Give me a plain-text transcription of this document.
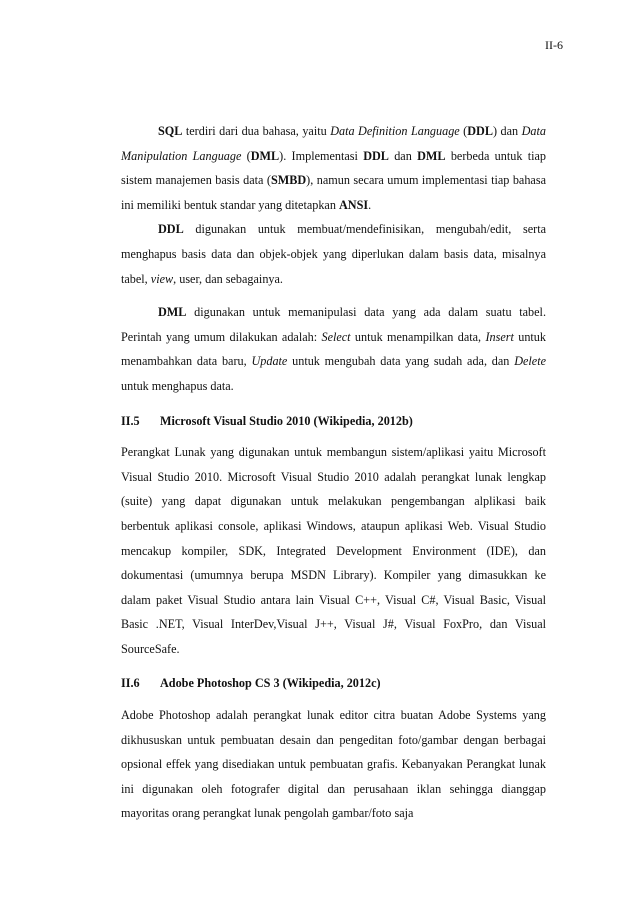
II-6

SQL terdiri dari dua bahasa, yaitu Data Definition Language (DDL) dan Data Manipulation Language (DML). Implementasi DDL dan DML berbeda untuk tiap sistem manajemen basis data (SMBD), namun secara umum implementasi tiap bahasa ini memiliki bentuk standar yang ditetapkan ANSI.

DDL digunakan untuk membuat/mendefinisikan, mengubah/edit, serta menghapus basis data dan objek-objek yang diperlukan dalam basis data, misalnya tabel, view, user, dan sebagainya.

DML digunakan untuk memanipulasi data yang ada dalam suatu tabel. Perintah yang umum dilakukan adalah: Select untuk menampilkan data, Insert untuk menambahkan data baru, Update untuk mengubah data yang sudah ada, dan Delete untuk menghapus data.

II.5	Microsoft Visual Studio 2010 (Wikipedia, 2012b)

Perangkat Lunak yang digunakan untuk membangun sistem/aplikasi yaitu Microsoft Visual Studio 2010. Microsoft Visual Studio 2010 adalah perangkat lunak lengkap (suite) yang dapat digunakan untuk melakukan pengembangan alplikasi baik berbentuk aplikasi console, aplikasi Windows, ataupun aplikasi Web. Visual Studio mencakup kompiler, SDK, Integrated Development Environment (IDE), dan dokumentasi (umumnya berupa MSDN Library). Kompiler yang dimasukkan ke dalam paket Visual Studio antara lain Visual C++, Visual C#, Visual Basic, Visual Basic .NET, Visual InterDev,Visual J++, Visual J#, Visual FoxPro, dan Visual SourceSafe.

II.6	Adobe Photoshop CS 3 (Wikipedia, 2012c)

Adobe Photoshop adalah perangkat lunak editor citra buatan Adobe Systems yang dikhususkan untuk pembuatan desain dan pengeditan foto/gambar dengan berbagai opsional effek yang disediakan untuk pembuatan grafis. Kebanyakan Perangkat lunak ini digunakan oleh fotografer digital dan perusahaan iklan sehingga dianggap mayoritas orang perangkat lunak pengolah gambar/foto saja
